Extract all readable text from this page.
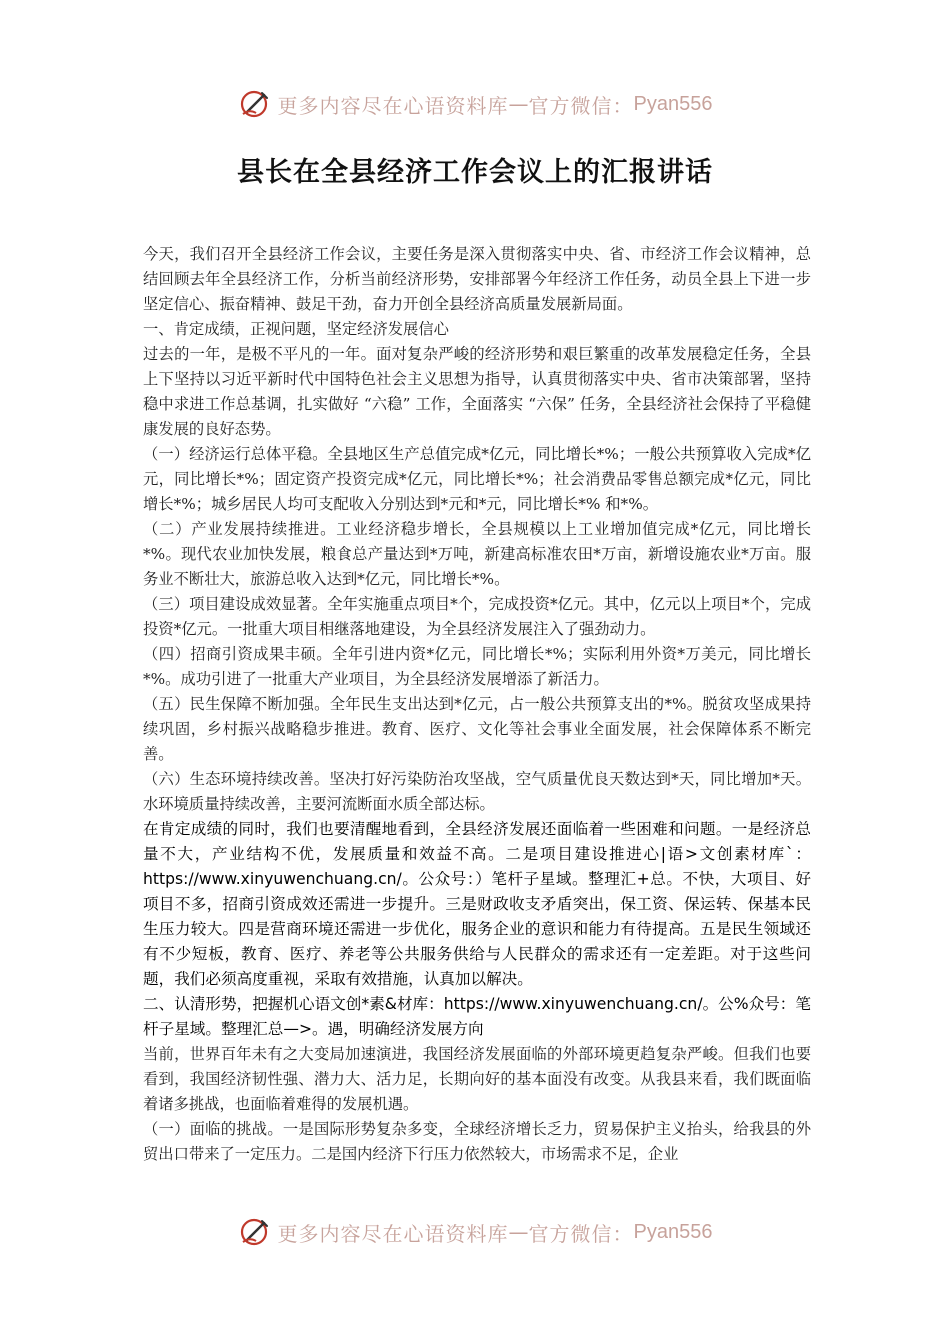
更多内容尽在心语资料库 — 官方微信： Pyan556
县长在全县经济工作会议上的汇报讲话

今天，我们召开全县经济工作会议，主要任务是深入贯彻落实中央、省、市经济工作会议精神，总结回顾去年全县经济工作，分析当前经济形势，安排部署今年经济工作任务，动员全县上下进一步坚定信心、振奋精神、鼓足干劲，奋力开创全县经济高质量发展新局面。

一、肯定成绩，正视问题，坚定经济发展信心

过去的一年，是极不平凡的一年。面对复杂严峻的经济形势和艰巨繁重的改革发展稳定任务，全县上下坚持以习近平新时代中国特色社会主义思想为指导，认真贯彻落实中央、省市决策部署，坚持稳中求进工作总基调，扎实做好 “六稳” 工作，全面落实 “六保” 任务，全县经济社会保持了平稳健康发展的良好态势。

（一）经济运行总体平稳。全县地区生产总值完成*亿元，同比增长*%；一般公共预算收入完成*亿元，同比增长*%；固定资产投资完成*亿元，同比增长*%；社会消费品零售总额完成*亿元，同比增长*%；城乡居民人均可支配收入分别达到*元和*元，同比增长*% 和*%。

（二）产业发展持续推进。工业经济稳步增长，全县规模以上工业增加值完成*亿元，同比增长*%。现代农业加快发展，粮食总产量达到*万吨，新建高标准农田*万亩，新增设施农业*万亩。服务业不断壮大，旅游总收入达到*亿元，同比增长*%。

（三）项目建设成效显著。全年实施重点项目*个，完成投资*亿元。其中，亿元以上项目*个，完成投资*亿元。一批重大项目相继落地建设，为全县经济发展注入了强劲动力。

（四）招商引资成果丰硕。全年引进内资*亿元，同比增长*%；实际利用外资*万美元，同比增长*%。成功引进了一批重大产业项目，为全县经济发展增添了新活力。

（五）民生保障不断加强。全年民生支出达到*亿元，占一般公共预算支出的*%。脱贫攻坚成果持续巩固，乡村振兴战略稳步推进。教育、医疗、文化等社会事业全面发展，社会保障体系不断完善。

（六）生态环境持续改善。坚决打好污染防治攻坚战，空气质量优良天数达到*天，同比增加*天。水环境质量持续改善，主要河流断面水质全部达标。

在肯定成绩的同时，我们也要清醒地看到，全县经济发展还面临着一些困难和问题。一是经济总量不大，产业结构不优，发展质量和效益不高。二是项目建设推进心|语>文创素材库`：https://www.xinyuwenchuang.cn/。公众号：）笔杆子星域。整理汇+总。不快，大项目、好项目不多，招商引资成效还需进一步提升。三是财政收支矛盾突出，保工资、保运转、保基本民生压力较大。四是营商环境还需进一步优化，服务企业的意识和能力有待提高。五是民生领域还有不少短板，教育、医疗、养老等公共服务供给与人民群众的需求还有一定差距。对于这些问题，我们必须高度重视，采取有效措施，认真加以解决。

二、认清形势，把握机心语文创*素&材库：https://www.xinyuwenchuang.cn/。公%众号：笔杆子星域。整理汇总—>。遇，明确经济发展方向

当前，世界百年未有之大变局加速演进，我国经济发展面临的外部环境更趋复杂严峻。但我们也要看到，我国经济韧性强、潜力大、活力足，长期向好的基本面没有改变。从我县来看，我们既面临着诸多挑战，也面临着难得的发展机遇。

（一）面临的挑战。一是国际形势复杂多变，全球经济增长乏力，贸易保护主义抬头，给我县的外贸出口带来了一定压力。二是国内经济下行压力依然较大，市场需求不足，企业

更多内容尽在心语资料库 — 官方微信： Pyan556
